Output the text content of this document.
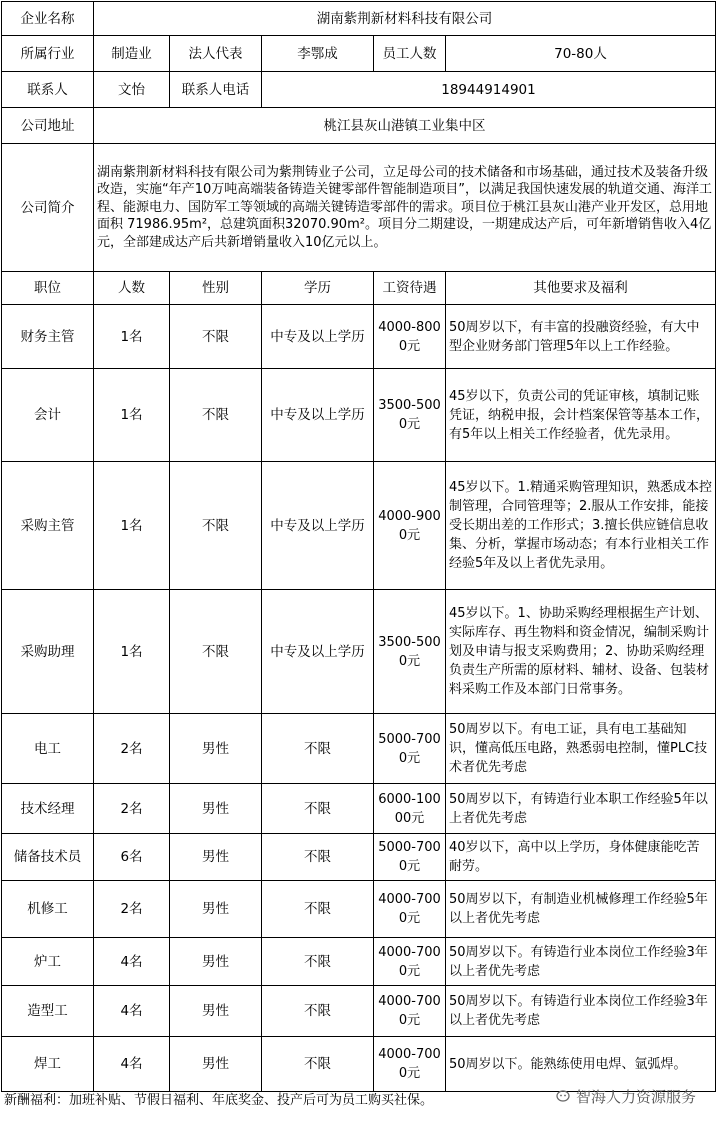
企业名称	湖南紫荆新材料科技有限公司				
所属行业	制造业	法人代表	李鄂成	员工人数	70-80人
联系人	文怡	联系人电话	18944914901		
公司地址	桃江县灰山港镇工业集中区				
公司简介	湖南紫荆新材料科技有限公司为紫荆铸业子公司，立足母公司的技术储备和市场基础，通过技术及装备升级改造，实施“年产10万吨高端装备铸造关键零部件智能制造项目”，以满足我国快速发展的轨道交通、海洋工程、能源电力、国防军工等领域的高端关键铸造零部件的需求。项目位于桃江县灰山港产业开发区，总用地面积 71986.95m²，总建筑面积32070.90m²。项目分二期建设，一期建成达产后，可年新增销售收入4亿元，全部建成达产后共新增销量收入10亿元以上。				
职位	人数	性别	学历	工资待遇	其他要求及福利
财务主管	1名	不限	中专及以上学历	4000-8000元	50周岁以下，有丰富的投融资经验，有大中型企业财务部门管理5年以上工作经验。
会计	1名	不限	中专及以上学历	3500-5000元	45岁以下，负责公司的凭证审核，填制记账凭证，纳税申报，会计档案保管等基本工作，有5年以上相关工作经验者，优先录用。
采购主管	1名	不限	中专及以上学历	4000-9000元	45岁以下。1.精通采购管理知识，熟悉成本控制管理，合同管理等；2.服从工作安排，能接受长期出差的工作形式；3.擅长供应链信息收集、分析，掌握市场动态；有本行业相关工作经验5年及以上者优先录用。
采购助理	1名	不限	中专及以上学历	3500-5000元	45岁以下。1、协助采购经理根据生产计划、实际库存、再生物料和资金情况，编制采购计划及申请与报支采购费用；2、协助采购经理负责生产所需的原材料、辅材、设备、包装材料采购工作及本部门日常事务。
电工	2名	男性	不限	5000-7000元	50周岁以下。有电工证，具有电工基础知识，懂高低压电路，熟悉弱电控制，懂PLC技术者优先考虑
技术经理	2名	男性	不限	6000-10000元	50周岁以下，有铸造行业本职工作经验5年以上者优先考虑
储备技术员	6名	男性	不限	5000-7000元	40岁以下，高中以上学历，身体健康能吃苦耐劳。
机修工	2名	男性	不限	4000-7000元	50周岁以下，有制造业机械修理工作经验5年以上者优先考虑
炉工	4名	男性	不限	4000-7000元	50周岁以下。有铸造行业本岗位工作经验3年以上者优先考虑
造型工	4名	男性	不限	4000-7000元	50周岁以下。有铸造行业本岗位工作经验3年以上者优先考虑
焊工	4名	男性	不限	4000-7000元	50周岁以下。能熟练使用电焊、氩弧焊。
新酬福利：加班补贴、节假日福利、年底奖金、投产后可为员工购买社保。	智海人力资源服务
